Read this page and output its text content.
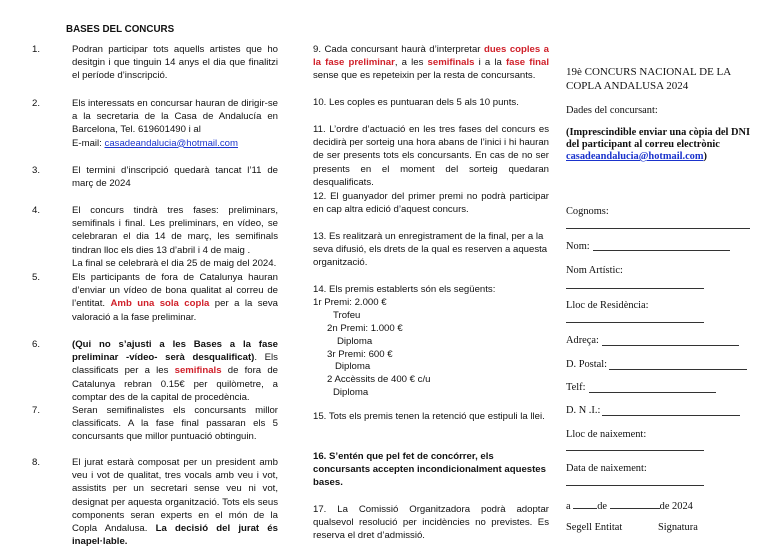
BASES DEL CONCURS
1.	Podran participar tots aquells artistes que ho desitgin i que tinguin 14 anys el dia que finalitzi el període d’inscripció.
2.	Els interessats en concursar hauran de dirigir-se a la secretaria de la Casa de Andalucía en Barcelona, Tel. 619601490 i al
E-mail: casadeandalucia@hotmail.com
3.	El termini d’inscripció quedarà tancat l’11 de març de 2024
4.	El concurs tindrà tres fases: preliminars, semifinals i final. Les preliminars, en vídeo, se celebraran el dia 14 de març, les semifinals tindran lloc els dies 13 d’abril i 4 de maig .
La final se celebrarà el dia 25 de maig del 2024.
5.	Els participants de fora de Catalunya hauran d’enviar un vídeo de bona qualitat al correu de l’entitat. Amb una sola copla per a la seva valoració a la fase preliminar.
6.	(Qui no s’ajusti a les Bases a la fase preliminar -vídeo- serà desqualificat). Els classificats per a les semifinals de fora de Catalunya rebran 0.15€ per quilòmetre, a comptar des de la capital de procedència.
7.	Seran semifinalistes els concursants millor classificats. A la fase final passaran els 5 concursants que millor puntuació obtinguin.
8.	El jurat estarà composat per un president amb veu i vot de qualitat, tres vocals amb veu i vot, assistits per un secretari sense veu ni vot, designat per aquesta organització. Tots els seus components seran experts en el món de la Copla Andalusa. La decisió del jurat és inapel·lable.
9. Cada concursant haurà d’interpretar dues coples a la fase preliminar, a les semifinals i a la fase final sense que es repeteixin per la resta de concursants.
10. Les coples es puntuaran dels 5 als 10 punts.
11. L’ordre d’actuació en les tres fases del concurs es decidirà per sorteig una hora abans de l’inici i hi hauran de ser presents tots els concursants. En cas de no ser presents en el moment del sorteig quedaran desqualificats.
12. El guanyador del primer premi no podrà participar en cap altra edició d’aquest concurs.
13. Es realitzarà un enregistrament de la final, per a la seva difusió, els drets de la qual es reserven a aquesta organització.
14. Els premis establerts són els següents:
1r Premi: 2.000 €
Trofeu
2n Premi: 1.000 €
Diploma
3r Premi: 600 €
Diploma
2 Accèssits de 400 € c/u
Diploma
15. Tots els premis tenen la retenció que estipuli la llei.
16. S’entén que pel fet de concórrer, els concursants accepten incondicionalment aquestes bases.
17. La Comissió Organitzadora podrà adoptar qualsevol resolució per incidències no previstes. Es reserva el dret d’admissió.
19è CONCURS NACIONAL DE LA
COPLA ANDALUSA 2024
Dades del concursant:
(Imprescindible enviar una còpia del DNI
del participant al correu electrònic
casadeandalucia@hotmail.com)
Cognoms:
Nom:
Nom Artístic:
Lloc de Residència:
Adreça:
D. Postal:
Telf:
D. N .I.:
Lloc de naixement:
Data de naixement:
a	de	de 2024
Segell Entitat	Signatura
